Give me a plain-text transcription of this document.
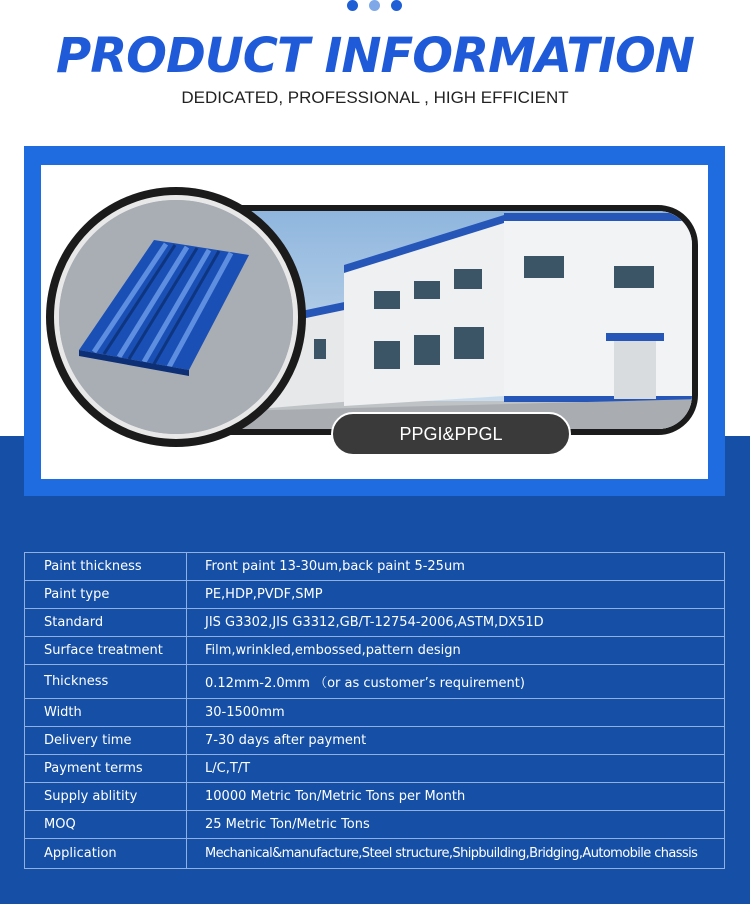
PRODUCT INFORMATION
DEDICATED, PROFESSIONAL , HIGH EFFICIENT
PPGI&PPGL
Paint thickness	Front paint 13-30um,back paint 5-25um
Paint type	PE,HDP,PVDF,SMP
Standard	JIS G3302,JIS G3312,GB/T-12754-2006,ASTM,DX51D
Surface treatment	Film,wrinkled,embossed,pattern design
Thickness	0.12mm-2.0mm （or as customer’s requirement)
Width	30-1500mm
Delivery time	7-30 days after payment
Payment terms	L/C,T/T
Supply ablitity	10000 Metric Ton/Metric Tons per Month
MOQ	25 Metric Ton/Metric Tons
Application	Mechanical&manufacture,Steel structure,Shipbuilding,Bridging,Automobile chassis
